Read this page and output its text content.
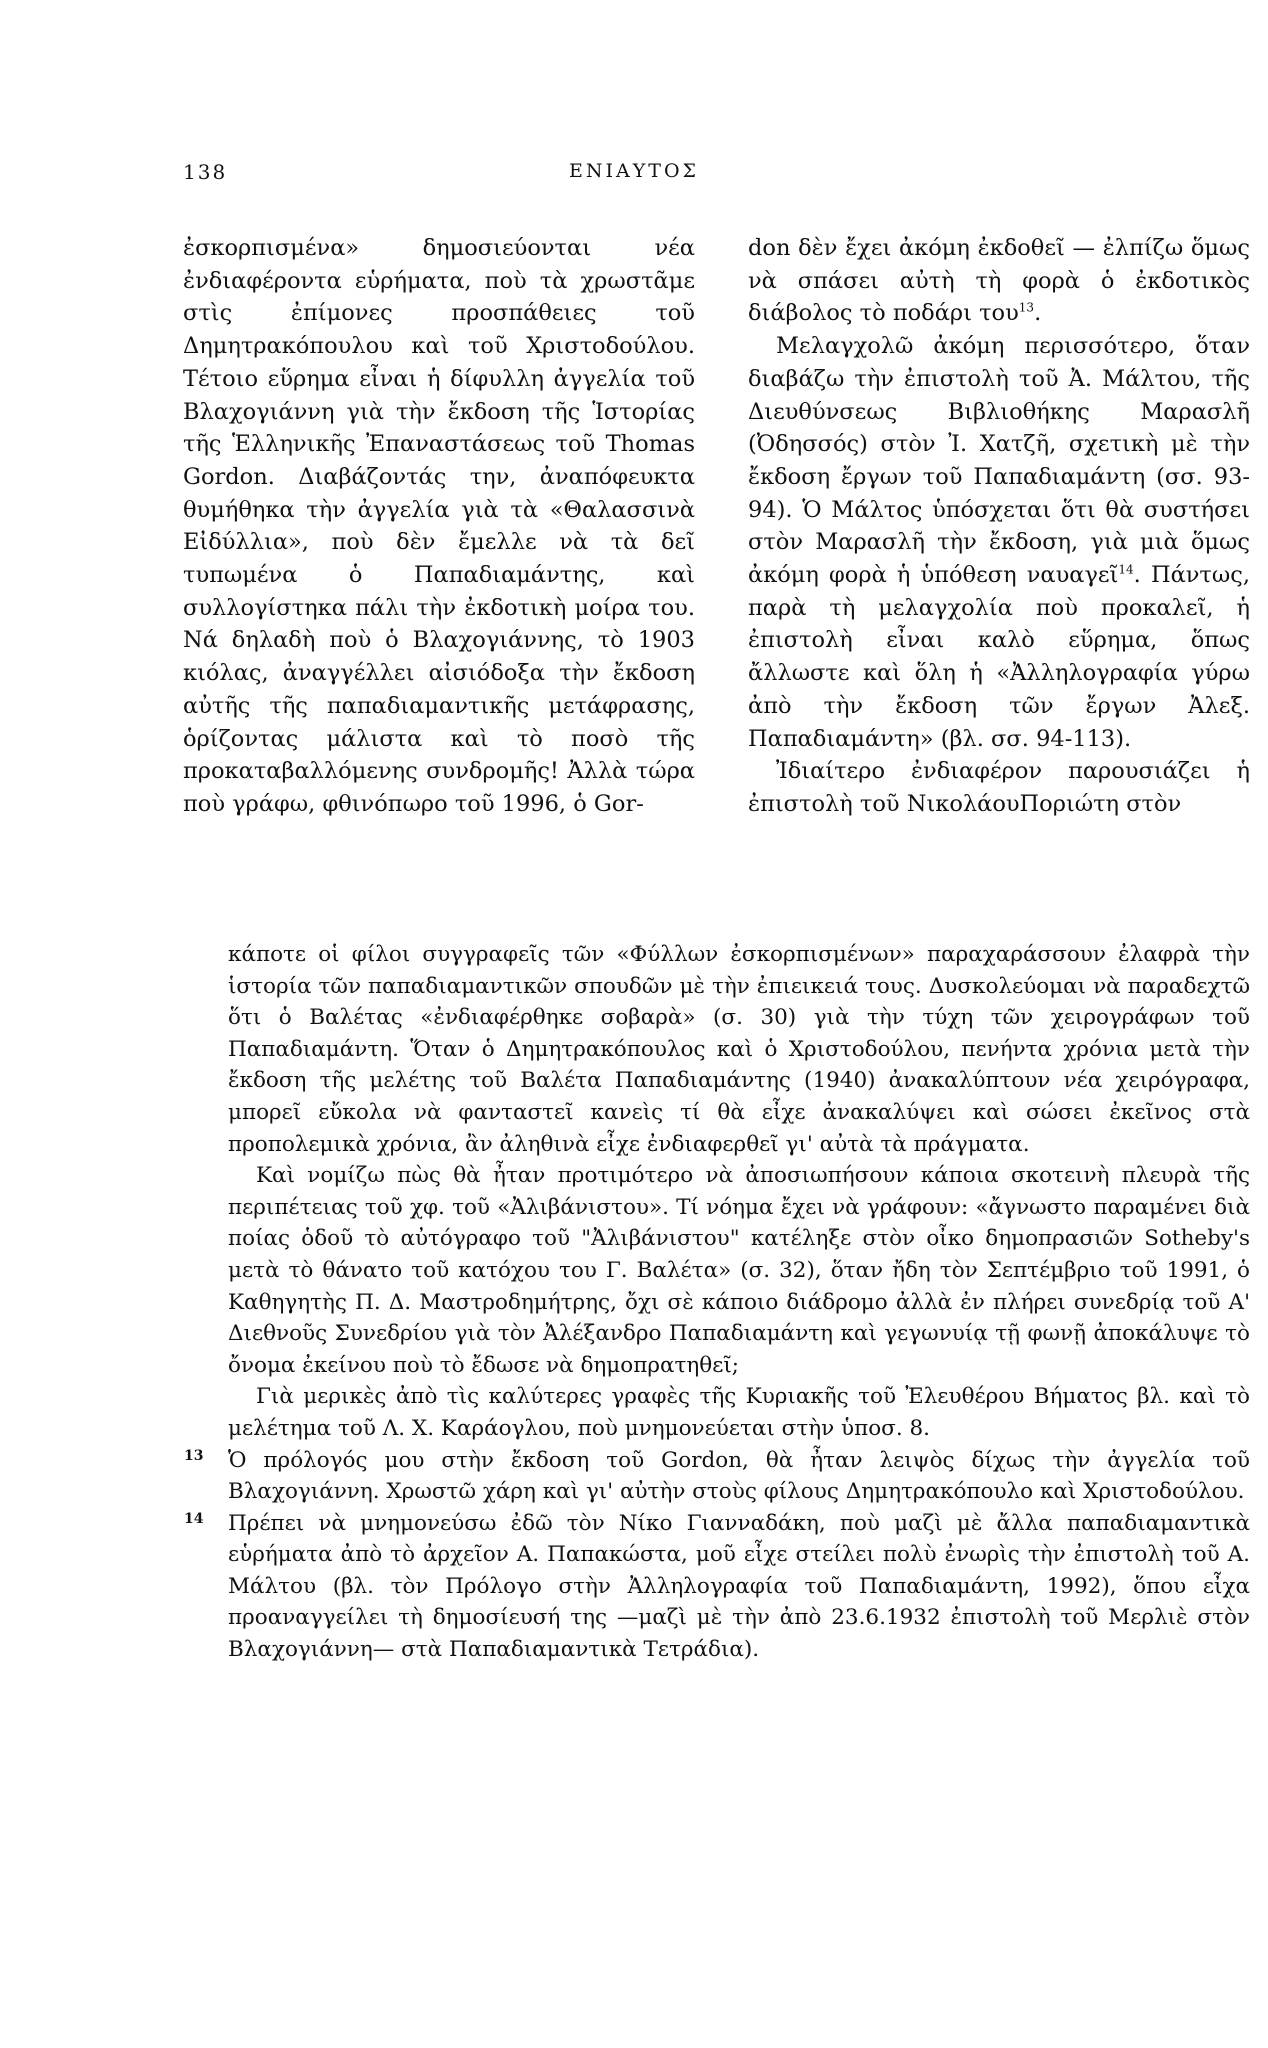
138	ΕΝΙΑΥΤΟΣ

ἐσκορπισμένα» δημοσιεύονται νέα ἐνδιαφέροντα εὑρήματα, ποὺ τὰ χρωστᾶμε στὶς ἐπίμονες προσπάθειες τοῦ Δημητρακόπουλου καὶ τοῦ Χριστοδούλου. Τέτοιο εὕρημα εἶναι ἡ δίφυλλη ἀγγελία τοῦ Βλαχογιάννη γιὰ τὴν ἔκδοση τῆς Ἱστορίας τῆς Ἑλληνικῆς Ἐπαναστάσεως τοῦ Thomas Gordon. Διαβάζοντάς την, ἀναπόφευκτα θυμήθηκα τὴν ἀγγελία γιὰ τὰ «Θαλασσινὰ Εἰδύλλια», ποὺ δὲν ἔμελλε νὰ τὰ δεῖ τυπωμένα ὁ Παπαδιαμάντης, καὶ συλλογίστηκα πάλι τὴν ἐκδοτικὴ μοίρα του. Νά δηλαδὴ ποὺ ὁ Βλαχογιάννης, τὸ 1903 κιόλας, ἀναγγέλλει αἰσιόδοξα τὴν ἔκδοση αὐτῆς τῆς παπαδιαμαντικῆς μετάφρασης, ὁρίζοντας μάλιστα καὶ τὸ ποσὸ τῆς προκαταβαλλόμενης συνδρομῆς! Ἀλλὰ τώρα ποὺ γράφω, φθινόπωρο τοῦ 1996, ὁ Gor-

don δὲν ἔχει ἀκόμη ἐκδοθεῖ — ἐλπίζω ὅμως νὰ σπάσει αὐτὴ τὴ φορὰ ὁ ἐκδοτικὸς διάβολος τὸ ποδάρι του$^{13}$.

Μελαγχολῶ ἀκόμη περισσότερο, ὅταν διαβάζω τὴν ἐπιστολὴ τοῦ Ἀ. Μάλτου, τῆς Διευθύνσεως Βιβλιοθήκης Μαρασλῆ (Ὀδησσός) στὸν Ἰ. Χατζῆ, σχετικὴ μὲ τὴν ἔκδοση ἔργων τοῦ Παπαδιαμάντη (σσ. 93-94). Ὁ Μάλτος ὑπόσχεται ὅτι θὰ συστήσει στὸν Μαρασλῆ τὴν ἔκδοση, γιὰ μιὰ ὅμως ἀκόμη φορὰ ἡ ὑπόθεση ναυαγεῖ$^{14}$. Πάντως, παρὰ τὴ μελαγχολία ποὺ προκαλεῖ, ἡ ἐπιστολὴ εἶναι καλὸ εὕρημα, ὅπως ἄλλωστε καὶ ὅλη ἡ «Ἀλληλογραφία γύρω ἀπὸ τὴν ἔκδοση τῶν ἔργων Ἀλεξ. Παπαδιαμάντη» (βλ. σσ. 94-113).

Ἰδιαίτερο ἐνδιαφέρον παρουσιάζει ἡ ἐπιστολὴ τοῦ ΝικολάουΠοριώτη στὸν

κάποτε οἱ φίλοι συγγραφεῖς τῶν «Φύλλων ἐσκορπισμένων» παραχαράσσουν ἐλαφρὰ τὴν ἱστορία τῶν παπαδιαμαντικῶν σπουδῶν μὲ τὴν ἐπιεικειά τους. Δυσκολεύομαι νὰ παραδεχτῶ ὅτι ὁ Βαλέτας «ἐνδιαφέρθηκε σοβαρὰ» (σ. 30) γιὰ τὴν τύχη τῶν χειρογράφων τοῦ Παπαδιαμάντη. Ὅταν ὁ Δημητρακόπουλος καὶ ὁ Χριστοδούλου, πενήντα χρόνια μετὰ τὴν ἔκδοση τῆς μελέτης τοῦ Βαλέτα Παπαδιαμάντης (1940) ἀνακαλύπτουν νέα χειρόγραφα, μπορεῖ εὔκολα νὰ φανταστεῖ κανεὶς τί θὰ εἶχε ἀνακαλύψει καὶ σώσει ἐκεῖνος στὰ προπολεμικὰ χρόνια, ἂν ἀληθινὰ εἶχε ἐνδιαφερθεῖ γι' αὐτὰ τὰ πράγματα.

Καὶ νομίζω πὼς θὰ ἦταν προτιμότερο νὰ ἀποσιωπήσουν κάποια σκοτεινὴ πλευρὰ τῆς περιπέτειας τοῦ χφ. τοῦ «Ἀλιβάνιστου». Τί νόημα ἔχει νὰ γράφουν: «ἄγνωστο παραμένει διὰ ποίας ὁδοῦ τὸ αὐτόγραφο τοῦ "Ἀλιβάνιστου" κατέληξε στὸν οἶκο δημοπρασιῶν Sotheby's μετὰ τὸ θάνατο τοῦ κατόχου του Γ. Βαλέτα» (σ. 32), ὅταν ἤδη τὸν Σεπτέμβριο τοῦ 1991, ὁ Καθηγητὴς Π. Δ. Μαστροδημήτρης, ὄχι σὲ κάποιο διάδρομο ἀλλὰ ἐν πλήρει συνεδρίᾳ τοῦ Α' Διεθνοῦς Συνεδρίου γιὰ τὸν Ἀλέξανδρο Παπαδιαμάντη καὶ γεγωνυίᾳ τῇ φωνῇ ἀποκάλυψε τὸ ὄνομα ἐκείνου ποὺ τὸ ἔδωσε νὰ δημοπρατηθεῖ;

Γιὰ μερικὲς ἀπὸ τὶς καλύτερες γραφὲς τῆς Κυριακῆς τοῦ Ἐλευθέρου Βήματος βλ. καὶ τὸ μελέτημα τοῦ Λ. Χ. Καράογλου, ποὺ μνημονεύεται στὴν ὑποσ. 8.

13 Ὁ πρόλογός μου στὴν ἔκδοση τοῦ Gordon, θὰ ἦταν λειψὸς δίχως τὴν ἀγγελία τοῦ Βλαχογιάννη. Χρωστῶ χάρη καὶ γι' αὐτὴν στοὺς φίλους Δημητρακόπουλο καὶ Χριστοδούλου.

14 Πρέπει νὰ μνημονεύσω ἐδῶ τὸν Νίκο Γιανναδάκη, ποὺ μαζὶ μὲ ἄλλα παπαδιαμαντικὰ εὑρήματα ἀπὸ τὸ ἀρχεῖον Α. Παπακώστα, μοῦ εἶχε στείλει πολὺ ἐνωρὶς τὴν ἐπιστολὴ τοῦ Α. Μάλτου (βλ. τὸν Πρόλογο στὴν Ἀλληλογραφία τοῦ Παπαδιαμάντη, 1992), ὅπου εἶχα προαναγγείλει τὴ δημοσίευσή της —μαζὶ μὲ τὴν ἀπὸ 23.6.1932 ἐπιστολὴ τοῦ Μερλιὲ στὸν Βλαχογιάννη— στὰ Παπαδιαμαντικὰ Τετράδια).
